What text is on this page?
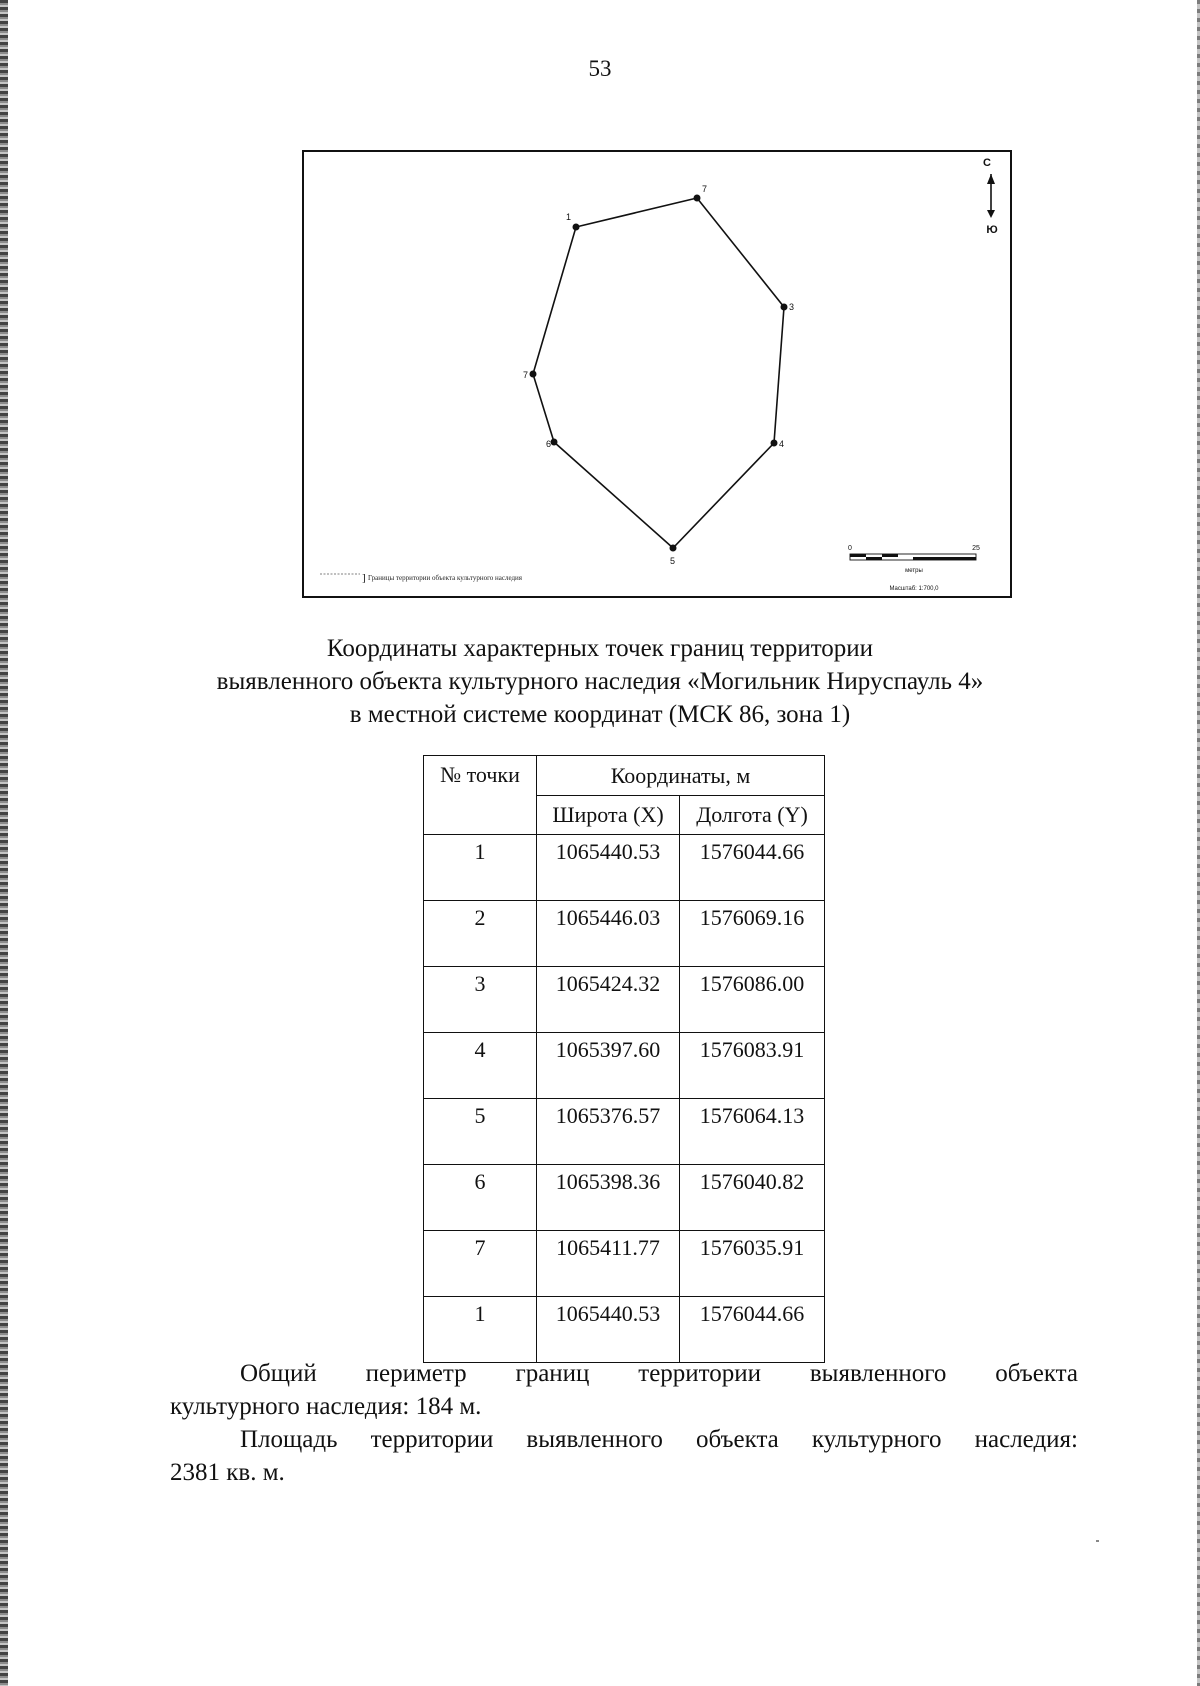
53
1
7
3
4
5
6
7
С
Ю
] Границы территории объекта культурного наследия
0	25
метры
Масштаб: 1:700,0
Координаты характерных точек границ территории
выявленного объекта культурного наследия «Могильник Нируспауль 4»
в местной системе координат (МСК 86, зона 1)
№ точки	Координаты, м	
	Широта (X)	Долгота (Y)
1	1065440.53	1576044.66
2	1065446.03	1576069.16
3	1065424.32	1576086.00
4	1065397.60	1576083.91
5	1065376.57	1576064.13
6	1065398.36	1576040.82
7	1065411.77	1576035.91
1	1065440.53	1576044.66

Общий периметр границ территории выявленного объекта

культурного наследия: 184 м.

Площадь территории выявленного объекта культурного наследия:

2381 кв. м.
